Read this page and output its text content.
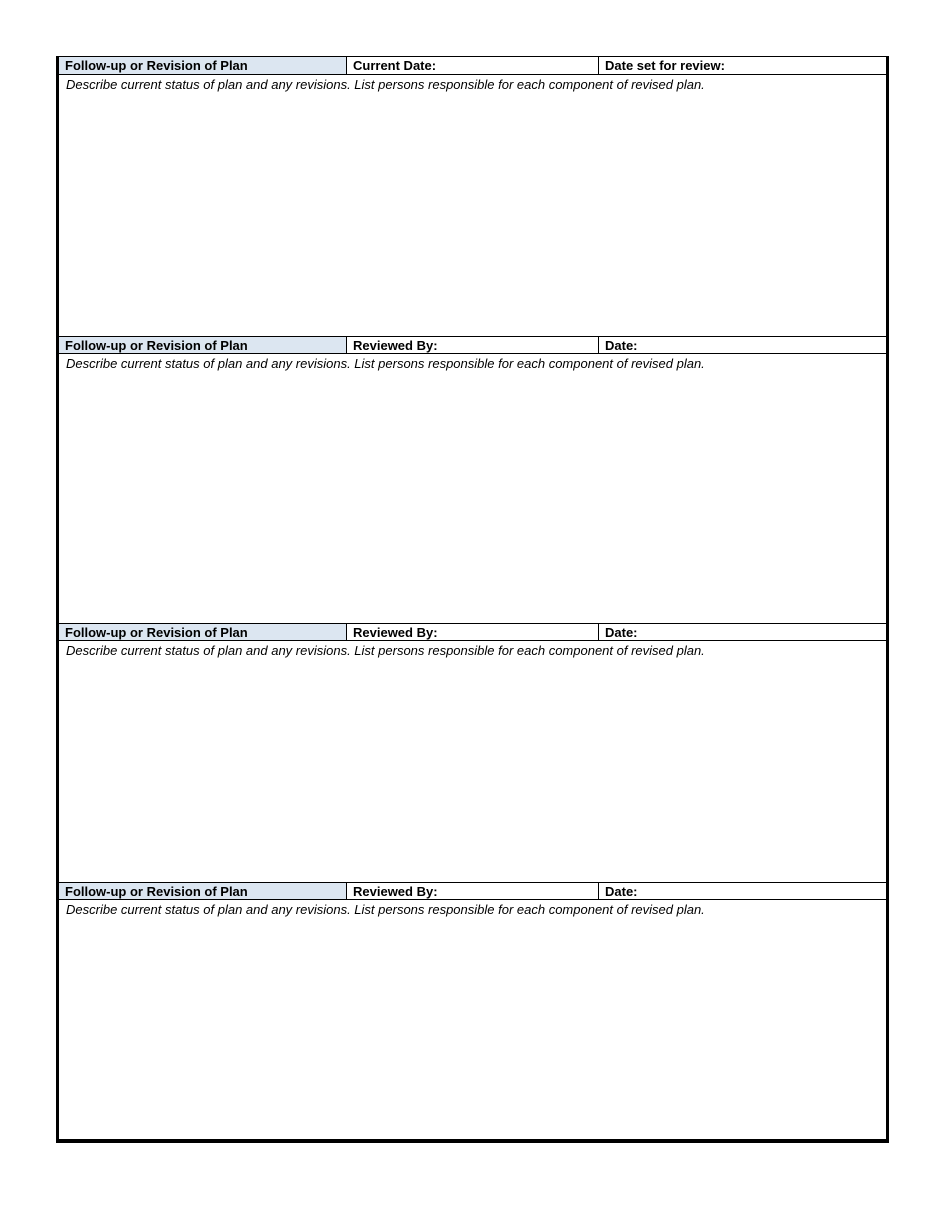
Follow-up or Revision of Plan	Current Date:	Date set for review:
Describe current status of plan and any revisions. List persons responsible for each component of revised plan.
Follow-up or Revision of Plan	Reviewed By:	Date:
Describe current status of plan and any revisions. List persons responsible for each component of revised plan.
Follow-up or Revision of Plan	Reviewed By:	Date:
Describe current status of plan and any revisions. List persons responsible for each component of revised plan.
Follow-up or Revision of Plan	Reviewed By:	Date:
Describe current status of plan and any revisions. List persons responsible for each component of revised plan.
